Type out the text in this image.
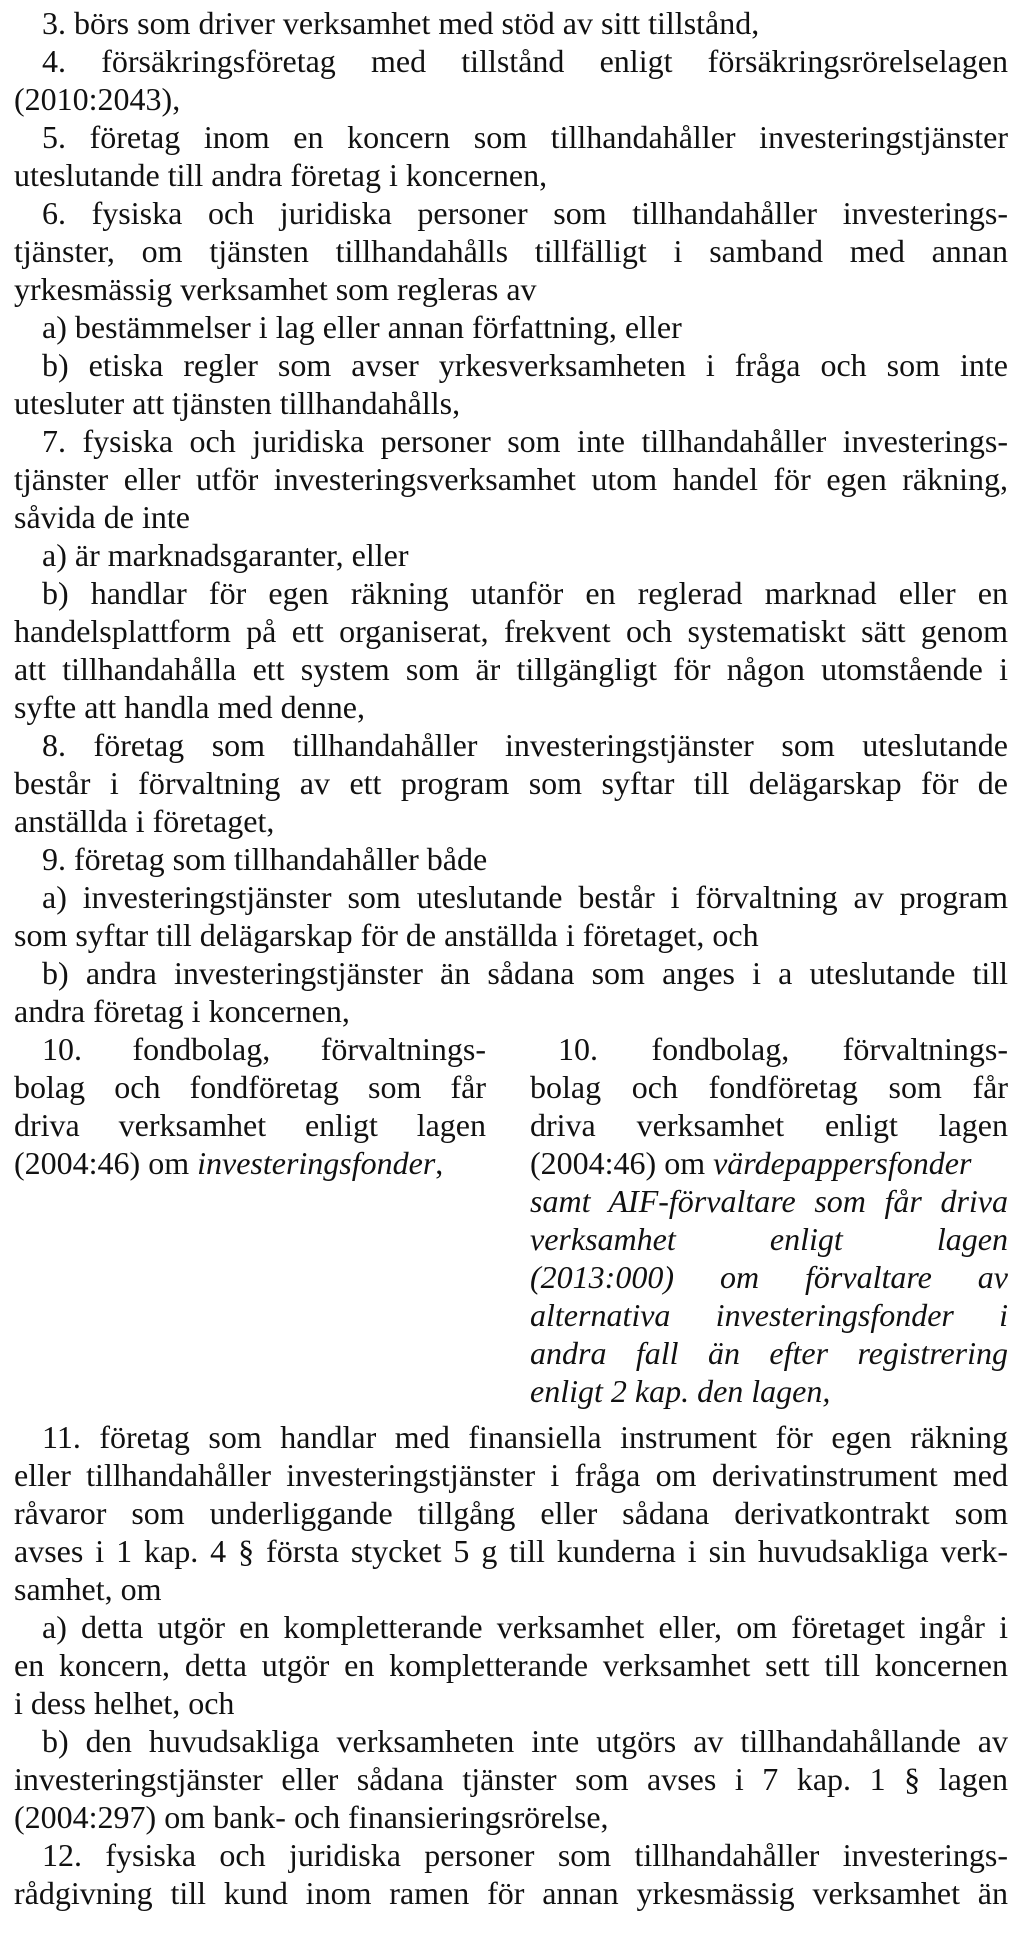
3. börs som driver verksamhet med stöd av sitt tillstånd,
4. försäkringsföretag med tillstånd enligt försäkringsrörelselagen
(2010:2043),
5. företag inom en koncern som tillhandahåller investeringstjänster
uteslutande till andra företag i koncernen,
6. fysiska och juridiska personer som tillhandahåller investerings-
tjänster, om tjänsten tillhandahålls tillfälligt i samband med annan
yrkesmässig verksamhet som regleras av
a) bestämmelser i lag eller annan författning, eller
b) etiska regler som avser yrkesverksamheten i fråga och som inte
utesluter att tjänsten tillhandahålls,
7. fysiska och juridiska personer som inte tillhandahåller investerings-
tjänster eller utför investeringsverksamhet utom handel för egen räkning,
såvida de inte
a) är marknadsgaranter, eller
b) handlar för egen räkning utanför en reglerad marknad eller en
handelsplattform på ett organiserat, frekvent och systematiskt sätt genom
att tillhandahålla ett system som är tillgängligt för någon utomstående i
syfte att handla med denne,
8. företag som tillhandahåller investeringstjänster som uteslutande
består i förvaltning av ett program som syftar till delägarskap för de
anställda i företaget,
9. företag som tillhandahåller både
a) investeringstjänster som uteslutande består i förvaltning av program
som syftar till delägarskap för de anställda i företaget, och
b) andra investeringstjänster än sådana som anges i a uteslutande till
andra företag i koncernen,
10. fondbolag, förvaltnings-
bolag och fondföretag som får
driva verksamhet enligt lagen
(2004:46) om investeringsfonder,
10. fondbolag, förvaltnings-
bolag och fondföretag som får
driva verksamhet enligt lagen
(2004:46) om värdepappersfonder
samt AIF-förvaltare som får driva
verksamhet enligt lagen
(2013:000) om förvaltare av
alternativa investeringsfonder i
andra fall än efter registrering
enligt 2 kap. den lagen,
11. företag som handlar med finansiella instrument för egen räkning
eller tillhandahåller investeringstjänster i fråga om derivatinstrument med
råvaror som underliggande tillgång eller sådana derivatkontrakt som
avses i 1 kap. 4 § första stycket 5 g till kunderna i sin huvudsakliga verk-
samhet, om
a) detta utgör en kompletterande verksamhet eller, om företaget ingår i
en koncern, detta utgör en kompletterande verksamhet sett till koncernen
i dess helhet, och
b) den huvudsakliga verksamheten inte utgörs av tillhandahållande av
investeringstjänster eller sådana tjänster som avses i 7 kap. 1 § lagen
(2004:297) om bank- och finansieringsrörelse,
12. fysiska och juridiska personer som tillhandahåller investerings-
rådgivning till kund inom ramen för annan yrkesmässig verksamhet än
